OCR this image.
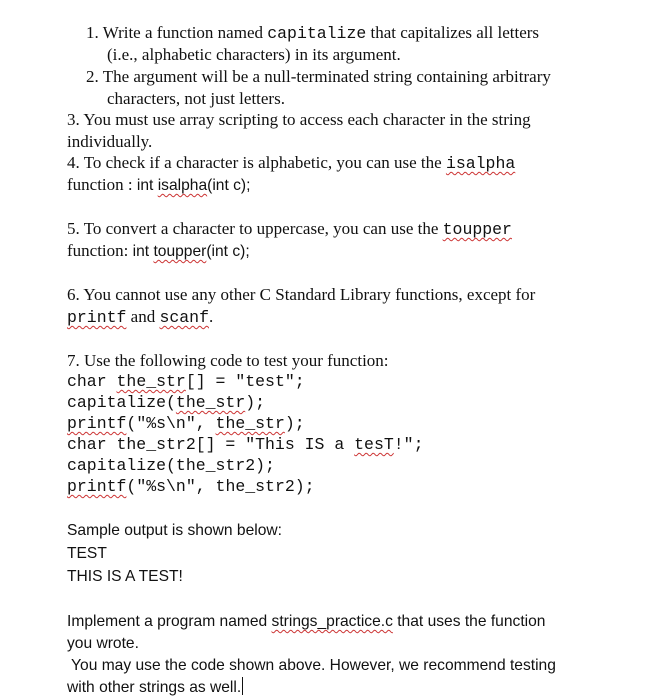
1. Write a function named capitalize that capitalizes all letters
(i.e., alphabetic characters) in its argument.
2. The argument will be a null-terminated string containing arbitrary
characters, not just letters.
3. You must use array scripting to access each character in the string
individually.
4. To check if a character is alphabetic, you can use the isalpha
function : int isalpha(int c);
5. To convert a character to uppercase, you can use the toupper
function: int toupper(int c);
6. You cannot use any other C Standard Library functions, except for
printf and scanf.
7. Use the following code to test your function:
char the_str[] = "test";
capitalize(the_str);
printf("%s\n", the_str);
char the_str2[] = "This IS a tesT!";
capitalize(the_str2);
printf("%s\n", the_str2);
Sample output is shown below:
TEST
THIS IS A TEST!
Implement a program named strings_practice.c that uses the function
you wrote.
You may use the code shown above. However, we recommend testing
with other strings as well.
